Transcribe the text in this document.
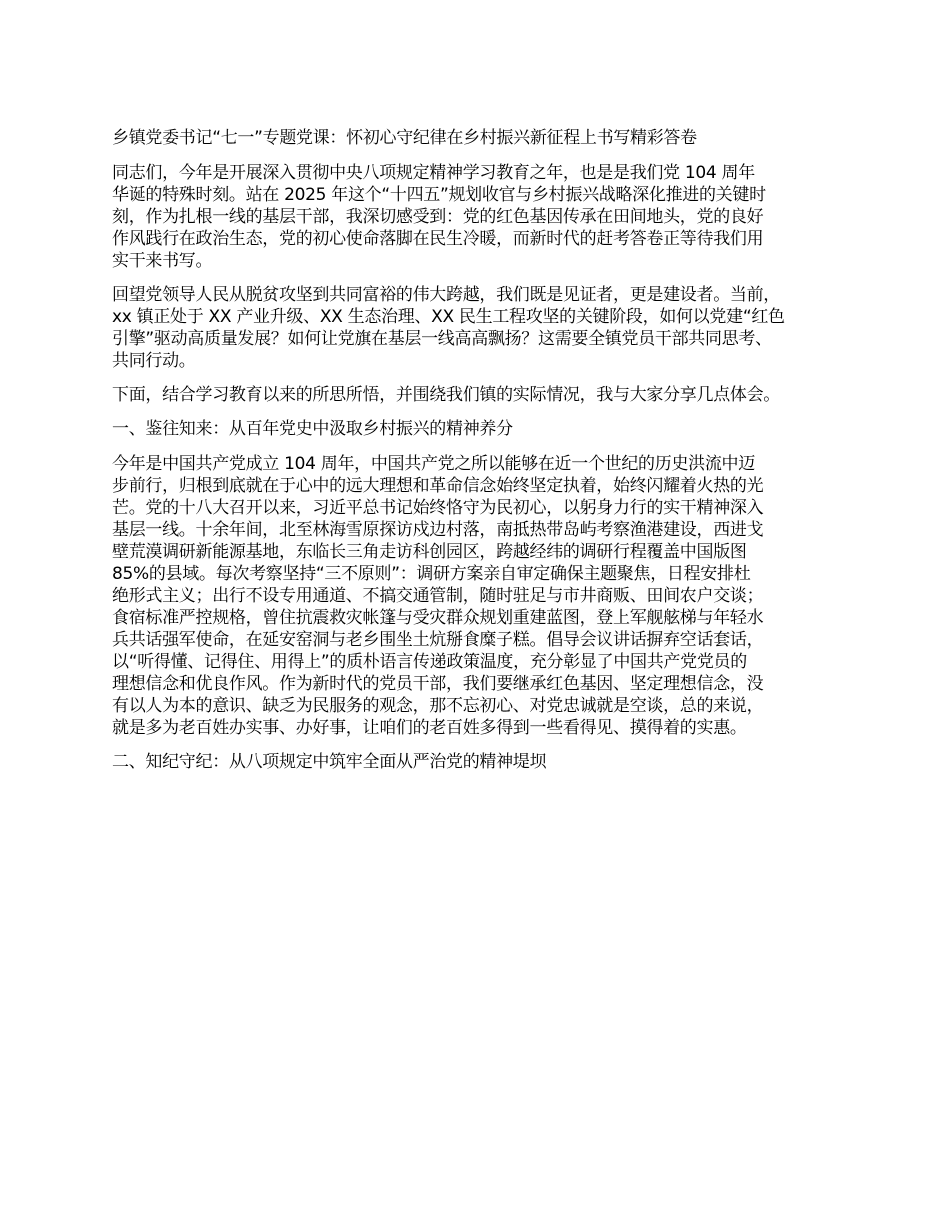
乡镇党委书记“七一”专题党课：怀初心守纪律在乡村振兴新征程上书写精彩答卷
同志们，今年是开展深入贯彻中央八项规定精神学习教育之年，也是是我们党 104 周年
华诞的特殊时刻。站在 2025 年这个“十四五”规划收官与乡村振兴战略深化推进的关键时
刻，作为扎根一线的基层干部，我深切感受到：党的红色基因传承在田间地头，党的良好
作风践行在政治生态，党的初心使命落脚在民生冷暖，而新时代的赶考答卷正等待我们用
实干来书写。
回望党领导人民从脱贫攻坚到共同富裕的伟大跨越，我们既是见证者，更是建设者。当前，
xx 镇正处于 XX 产业升级、XX 生态治理、XX 民生工程攻坚的关键阶段，如何以党建“红色
引擎”驱动高质量发展？如何让党旗在基层一线高高飘扬？这需要全镇党员干部共同思考、
共同行动。
下面，结合学习教育以来的所思所悟，并围绕我们镇的实际情况，我与大家分享几点体会。
一、鉴往知来：从百年党史中汲取乡村振兴的精神养分
今年是中国共产党成立 104 周年，中国共产党之所以能够在近一个世纪的历史洪流中迈
步前行，归根到底就在于心中的远大理想和革命信念始终坚定执着，始终闪耀着火热的光
芒。党的十八大召开以来，习近平总书记始终恪守为民初心，以躬身力行的实干精神深入
基层一线。十余年间，北至林海雪原探访戍边村落，南抵热带岛屿考察渔港建设，西进戈
壁荒漠调研新能源基地，东临长三角走访科创园区，跨越经纬的调研行程覆盖中国版图
85%的县域。每次考察坚持“三不原则”：调研方案亲自审定确保主题聚焦，日程安排杜
绝形式主义；出行不设专用通道、不搞交通管制，随时驻足与市井商贩、田间农户交谈；
食宿标准严控规格，曾住抗震救灾帐篷与受灾群众规划重建蓝图，登上军舰舷梯与年轻水
兵共话强军使命，在延安窑洞与老乡围坐土炕掰食糜子糕。倡导会议讲话摒弃空话套话，
以“听得懂、记得住、用得上”的质朴语言传递政策温度，充分彰显了中国共产党党员的
理想信念和优良作风。作为新时代的党员干部，我们要继承红色基因、坚定理想信念，没
有以人为本的意识、缺乏为民服务的观念，那不忘初心、对党忠诚就是空谈，总的来说，
就是多为老百姓办实事、办好事，让咱们的老百姓多得到一些看得见、摸得着的实惠。
二、知纪守纪：从八项规定中筑牢全面从严治党的精神堤坝
